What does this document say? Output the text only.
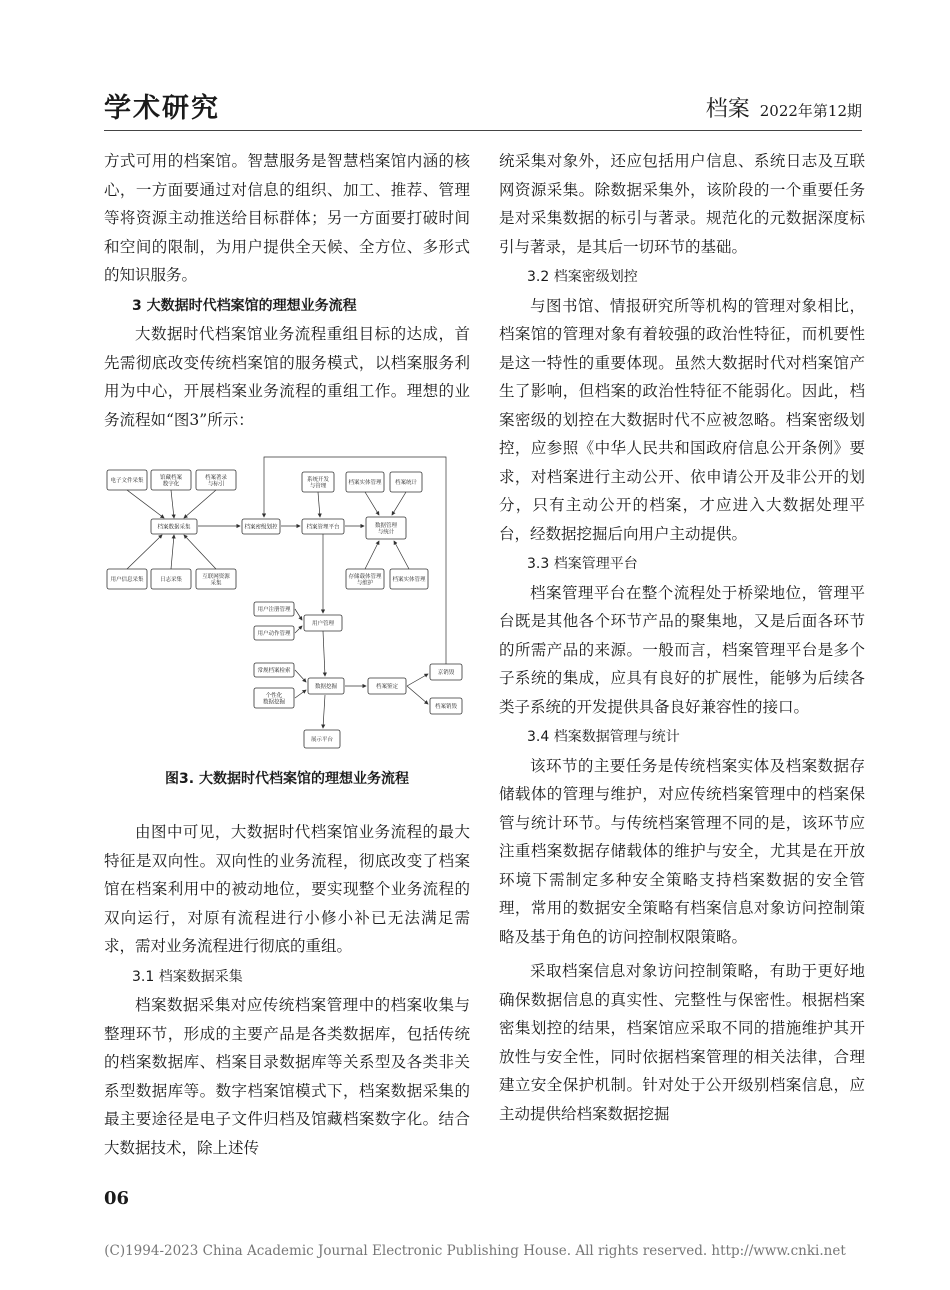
学术研究	档案 2022年第12期

方式可用的档案馆。智慧服务是智慧档案馆内涵的核心，一方面要通过对信息的组织、加工、推荐、管理等将资源主动推送给目标群体；另一方面要打破时间和空间的限制，为用户提供全天候、全方位、多形式的知识服务。

3 大数据时代档案馆的理想业务流程

大数据时代档案馆业务流程重组目标的达成，首先需彻底改变传统档案馆的服务模式，以档案服务利用为中心，开展档案业务流程的重组工作。理想的业务流程如“图3”所示：

电子文件采集
馆藏档案数字化
档案著录与标引
档案数据采集
用户信息采集	日志采集
互联网资源采集
档案密级划控	档案管理平台
系统开发与管理
档案实体管理 档案统计
数据管理与统计
存储载体管理与维护
档案实体管理
用户注册管理
用户动作管理
用户管理
常规档案检索
个性化数据挖掘
数据挖掘	档案鉴定
档案销毁
京销毁
展示平台
图3. 大数据时代档案馆的理想业务流程

由图中可见，大数据时代档案馆业务流程的最大特征是双向性。双向性的业务流程，彻底改变了档案馆在档案利用中的被动地位，要实现整个业务流程的双向运行，对原有流程进行小修小补已无法满足需求，需对业务流程进行彻底的重组。

3.1 档案数据采集

档案数据采集对应传统档案管理中的档案收集与整理环节，形成的主要产品是各类数据库，包括传统的档案数据库、档案目录数据库等关系型及各类非关系型数据库等。数字档案馆模式下，档案数据采集的最主要途径是电子文件归档及馆藏档案数字化。结合大数据技术，除上述传

统采集对象外，还应包括用户信息、系统日志及互联网资源采集。除数据采集外，该阶段的一个重要任务是对采集数据的标引与著录。规范化的元数据深度标引与著录，是其后一切环节的基础。

3.2 档案密级划控

与图书馆、情报研究所等机构的管理对象相比，档案馆的管理对象有着较强的政治性特征，而机要性是这一特性的重要体现。虽然大数据时代对档案馆产生了影响，但档案的政治性特征不能弱化。因此，档案密级的划控在大数据时代不应被忽略。档案密级划控，应参照《中华人民共和国政府信息公开条例》要求，对档案进行主动公开、依申请公开及非公开的划分，只有主动公开的档案，才应进入大数据处理平台，经数据挖掘后向用户主动提供。

3.3 档案管理平台

档案管理平台在整个流程处于桥梁地位，管理平台既是其他各个环节产品的聚集地，又是后面各环节的所需产品的来源。一般而言，档案管理平台是多个子系统的集成，应具有良好的扩展性，能够为后续各类子系统的开发提供具备良好兼容性的接口。

3.4 档案数据管理与统计

该环节的主要任务是传统档案实体及档案数据存储载体的管理与维护，对应传统档案管理中的档案保管与统计环节。与传统档案管理不同的是，该环节应注重档案数据存储载体的维护与安全，尤其是在开放环境下需制定多种安全策略支持档案数据的安全管理，常用的数据安全策略有档案信息对象访问控制策略及基于角色的访问控制权限策略。

采取档案信息对象访问控制策略，有助于更好地确保数据信息的真实性、完整性与保密性。根据档案密集划控的结果，档案馆应采取不同的措施维护其开放性与安全性，同时依据档案管理的相关法律，合理建立安全保护机制。针对处于公开级别档案信息，应主动提供给档案数据挖掘

06
(C)1994-2023 China Academic Journal Electronic Publishing House. All rights reserved. http://www.cnki.net
